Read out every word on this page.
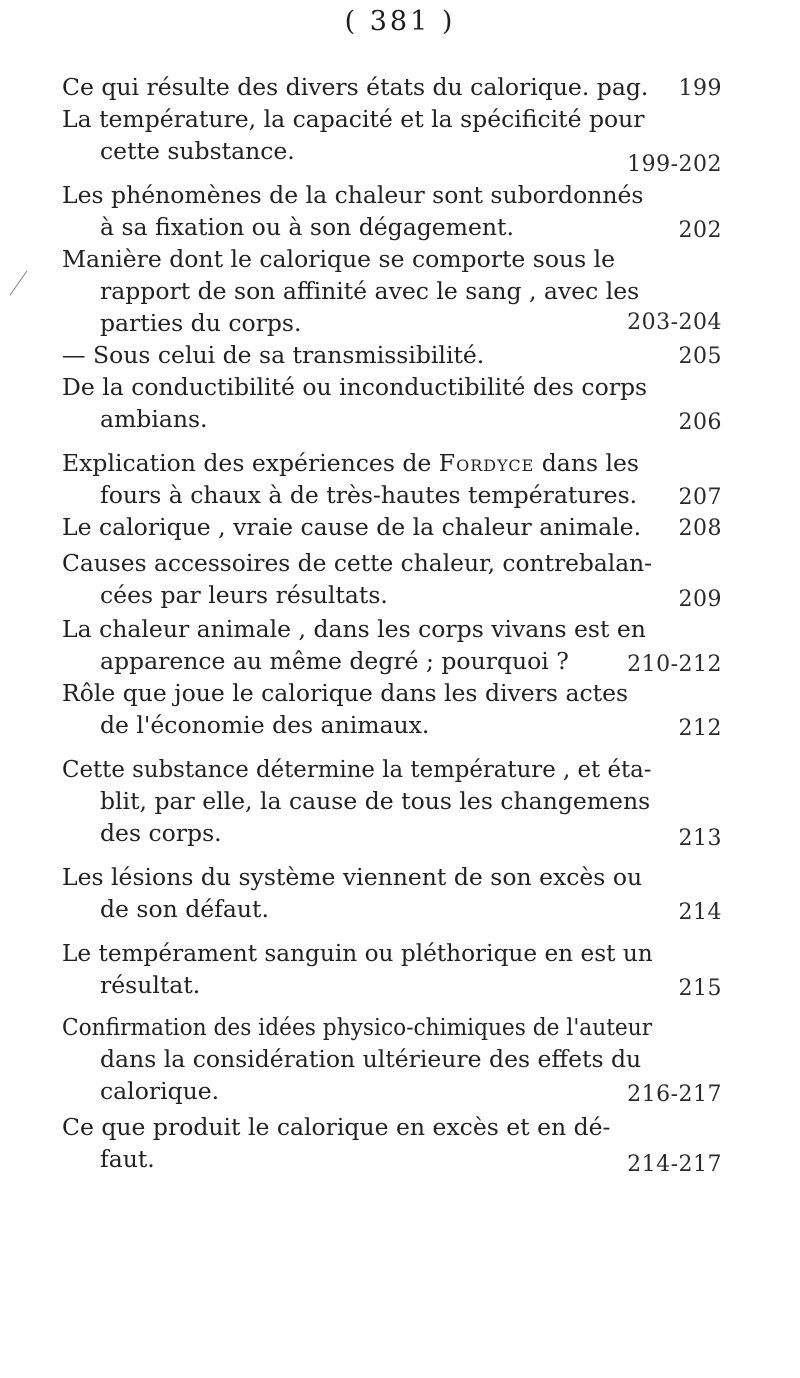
( 381 )
Ce qui résulte des divers états du calorique. pag. 199
La température, la capacité et la spécificité pour
cette substance.	199-202
Les phénomènes de la chaleur sont subordonnés
à sa fixation ou à son dégagement.	202
Manière dont le calorique se comporte sous le
rapport de son affinité avec le sang , avec les
parties du corps.	203-204
— Sous celui de sa transmissibilité.	205
De la conductibilité ou inconductibilité des corps
ambians.	206
Explication des expériences de Fordyce dans les
fours à chaux à de très-hautes températures. 207
Le calorique , vraie cause de la chaleur animale. 208
Causes accessoires de cette chaleur, contrebalan-
cées par leurs résultats.	209
La chaleur animale , dans les corps vivans est en
apparence au même degré ; pourquoi ?	210-212
Rôle que joue le calorique dans les divers actes
de l'économie des animaux.	212
Cette substance détermine la température , et éta-
blit, par elle, la cause de tous les changemens
des corps.	213
Les lésions du système viennent de son excès ou
de son défaut.	214
Le tempérament sanguin ou pléthorique en est un
résultat.	215
Confirmation des idées physico-chimiques de l'auteur
dans la considération ultérieure des effets du
calorique.	216-217
Ce que produit le calorique en excès et en dé-
faut.	214-217
